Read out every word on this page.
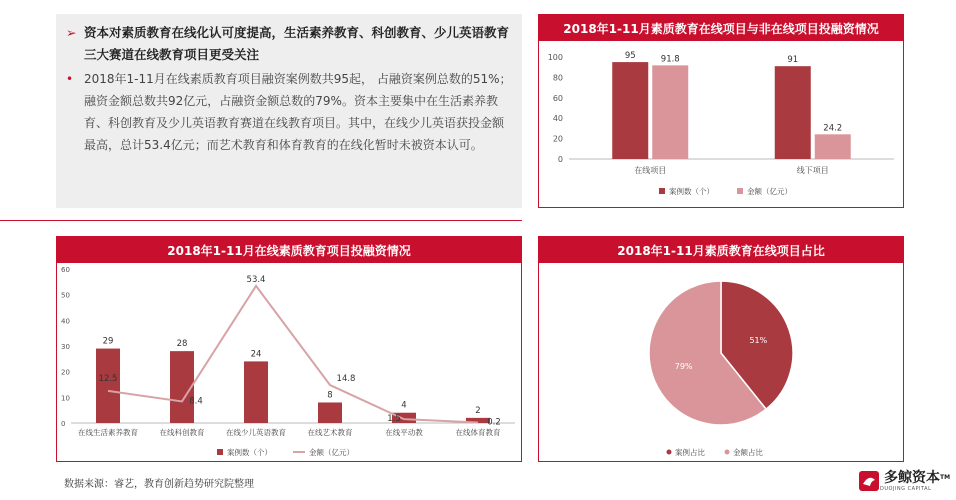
➢ 资本对素质教育在线化认可度提高，生活素养教育、科创教育、少儿英语教育三大赛道在线教育项目更受关注
• 2018年1-11月在线素质教育项目融资案例数共95起， 占融资案例总数的51%；融资金额总数共92亿元，占融资金额总数的79%。资本主要集中在生活素养教育、科创教育及少儿英语教育赛道在线教育项目。其中，在线少儿英语获投金额最高，总计53.4亿元；而艺术教育和体育教育的在线化暂时未被资本认可。
2018年1-11月素质教育在线项目与非在线项目投融资情况
0
20
40
60
80
100	95	91.8
在线项目
91
24.2
线下项目
案例数（个）	金额（亿元）
2018年1-11月在线素质教育项目投融资情况
0
10
20
30
40
50
60
29
在线生活素养教育
28
在线科创教育
24
在线少儿英语教育
8
在线艺术教育
4
在线平动教
2
在线体育教育
12.5
8.4
53.4
14.8
1.5	0.2
案例数（个）	金额（亿元）
2018年1-11月素质教育在线项目占比
51%
79%
案例占比	金额占比
数据来源：睿艺，教育创新趋势研究院整理	多鲸资本™
DUOJING CAPITAL
